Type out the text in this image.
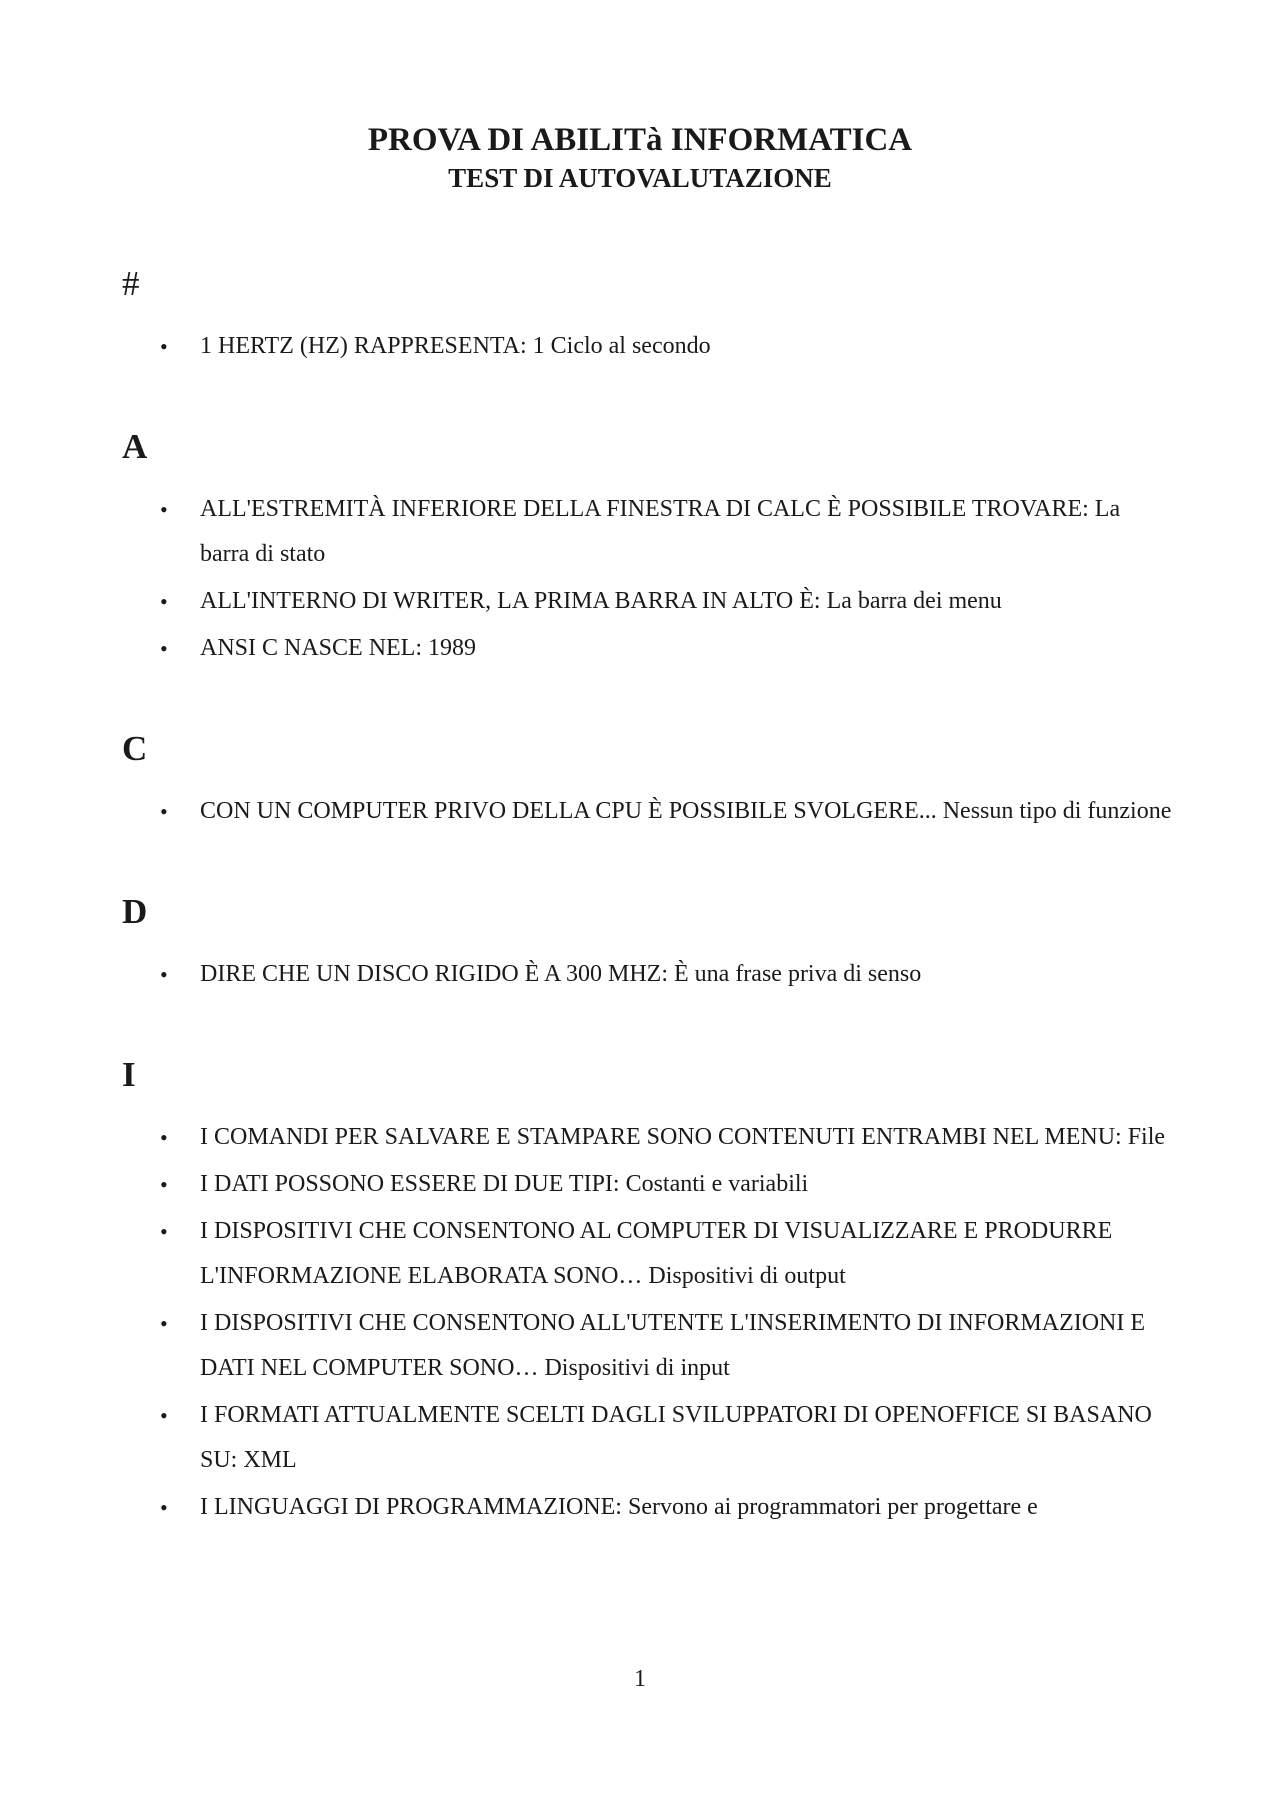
PROVA DI ABILITà INFORMATICA

TEST DI AUTOVALUTAZIONE

#
• 1 HERTZ (HZ) RAPPRESENTA: 1 Ciclo al secondo
A
• ALL'ESTREMITÀ INFERIORE DELLA FINESTRA DI CALC È POSSIBILE TROVARE: La barra di stato
• ALL'INTERNO DI WRITER, LA PRIMA BARRA IN ALTO È: La barra dei menu
• ANSI C NASCE NEL: 1989
C
• CON UN COMPUTER PRIVO DELLA CPU È POSSIBILE SVOLGERE... Nessun tipo di funzione
D
• DIRE CHE UN DISCO RIGIDO È A 300 MHZ: È una frase priva di senso
I
• I COMANDI PER SALVARE E STAMPARE SONO CONTENUTI ENTRAMBI NEL MENU: File
• I DATI POSSONO ESSERE DI DUE TIPI: Costanti e variabili
• I DISPOSITIVI CHE CONSENTONO AL COMPUTER DI VISUALIZZARE E PRODURRE L'INFORMAZIONE ELABORATA SONO… Dispositivi di output
• I DISPOSITIVI CHE CONSENTONO ALL'UTENTE L'INSERIMENTO DI INFORMAZIONI E DATI NEL COMPUTER SONO… Dispositivi di input
• I FORMATI ATTUALMENTE SCELTI DAGLI SVILUPPATORI DI OPENOFFICE SI BASANO SU: XML
• I LINGUAGGI DI PROGRAMMAZIONE: Servono ai programmatori per progettare e
1
